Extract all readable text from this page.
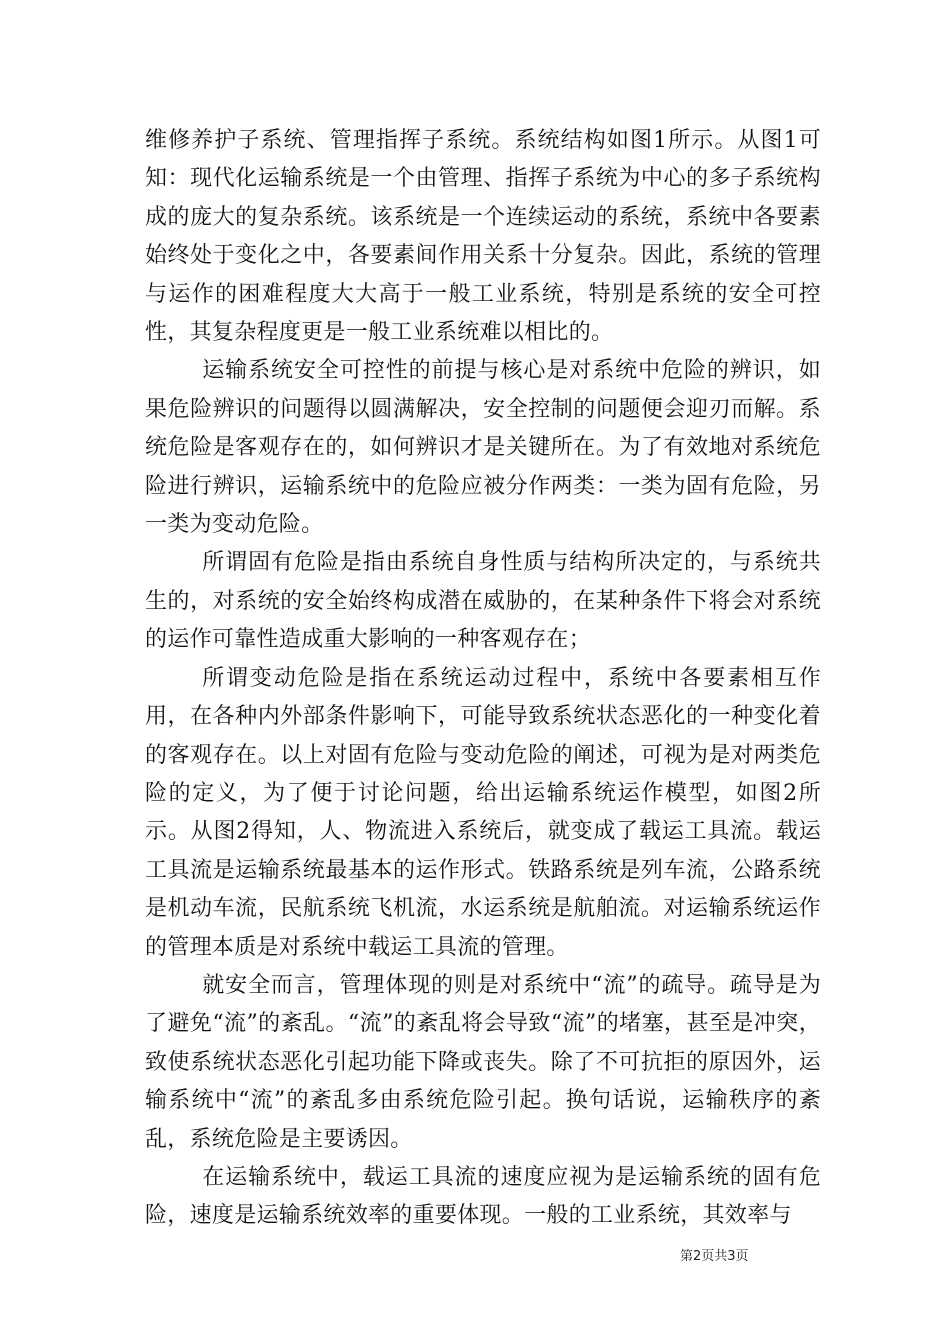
维修养护子系统、管理指挥子系统。系统结构如图1所示。从图1可知：现代化运输系统是一个由管理、指挥子系统为中心的多子系统构成的庞大的复杂系统。该系统是一个连续运动的系统，系统中各要素始终处于变化之中，各要素间作用关系十分复杂。因此，系统的管理与运作的困难程度大大高于一般工业系统，特别是系统的安全可控性，其复杂程度更是一般工业系统难以相比的。

运输系统安全可控性的前提与核心是对系统中危险的辨识，如果危险辨识的问题得以圆满解决，安全控制的问题便会迎刃而解。系统危险是客观存在的，如何辨识才是关键所在。为了有效地对系统危险进行辨识，运输系统中的危险应被分作两类：一类为固有危险，另一类为变动危险。

所谓固有危险是指由系统自身性质与结构所决定的，与系统共生的，对系统的安全始终构成潜在威胁的，在某种条件下将会对系统的运作可靠性造成重大影响的一种客观存在；

所谓变动危险是指在系统运动过程中，系统中各要素相互作用，在各种内外部条件影响下，可能导致系统状态恶化的一种变化着的客观存在。以上对固有危险与变动危险的阐述，可视为是对两类危险的定义，为了便于讨论问题，给出运输系统运作模型，如图2所示。从图2得知，人、物流进入系统后，就变成了载运工具流。载运工具流是运输系统最基本的运作形式。铁路系统是列车流，公路系统是机动车流，民航系统飞机流，水运系统是航舶流。对运输系统运作的管理本质是对系统中载运工具流的管理。

就安全而言，管理体现的则是对系统中“流”的疏导。疏导是为了避免“流”的紊乱。“流”的紊乱将会导致“流”的堵塞，甚至是冲突，致使系统状态恶化引起功能下降或丧失。除了不可抗拒的原因外，运输系统中“流”的紊乱多由系统危险引起。换句话说，运输秩序的紊乱，系统危险是主要诱因。

在运输系统中，载运工具流的速度应视为是运输系统的固有危险，速度是运输系统效率的重要体现。一般的工业系统，其效率与

第2页共3页
